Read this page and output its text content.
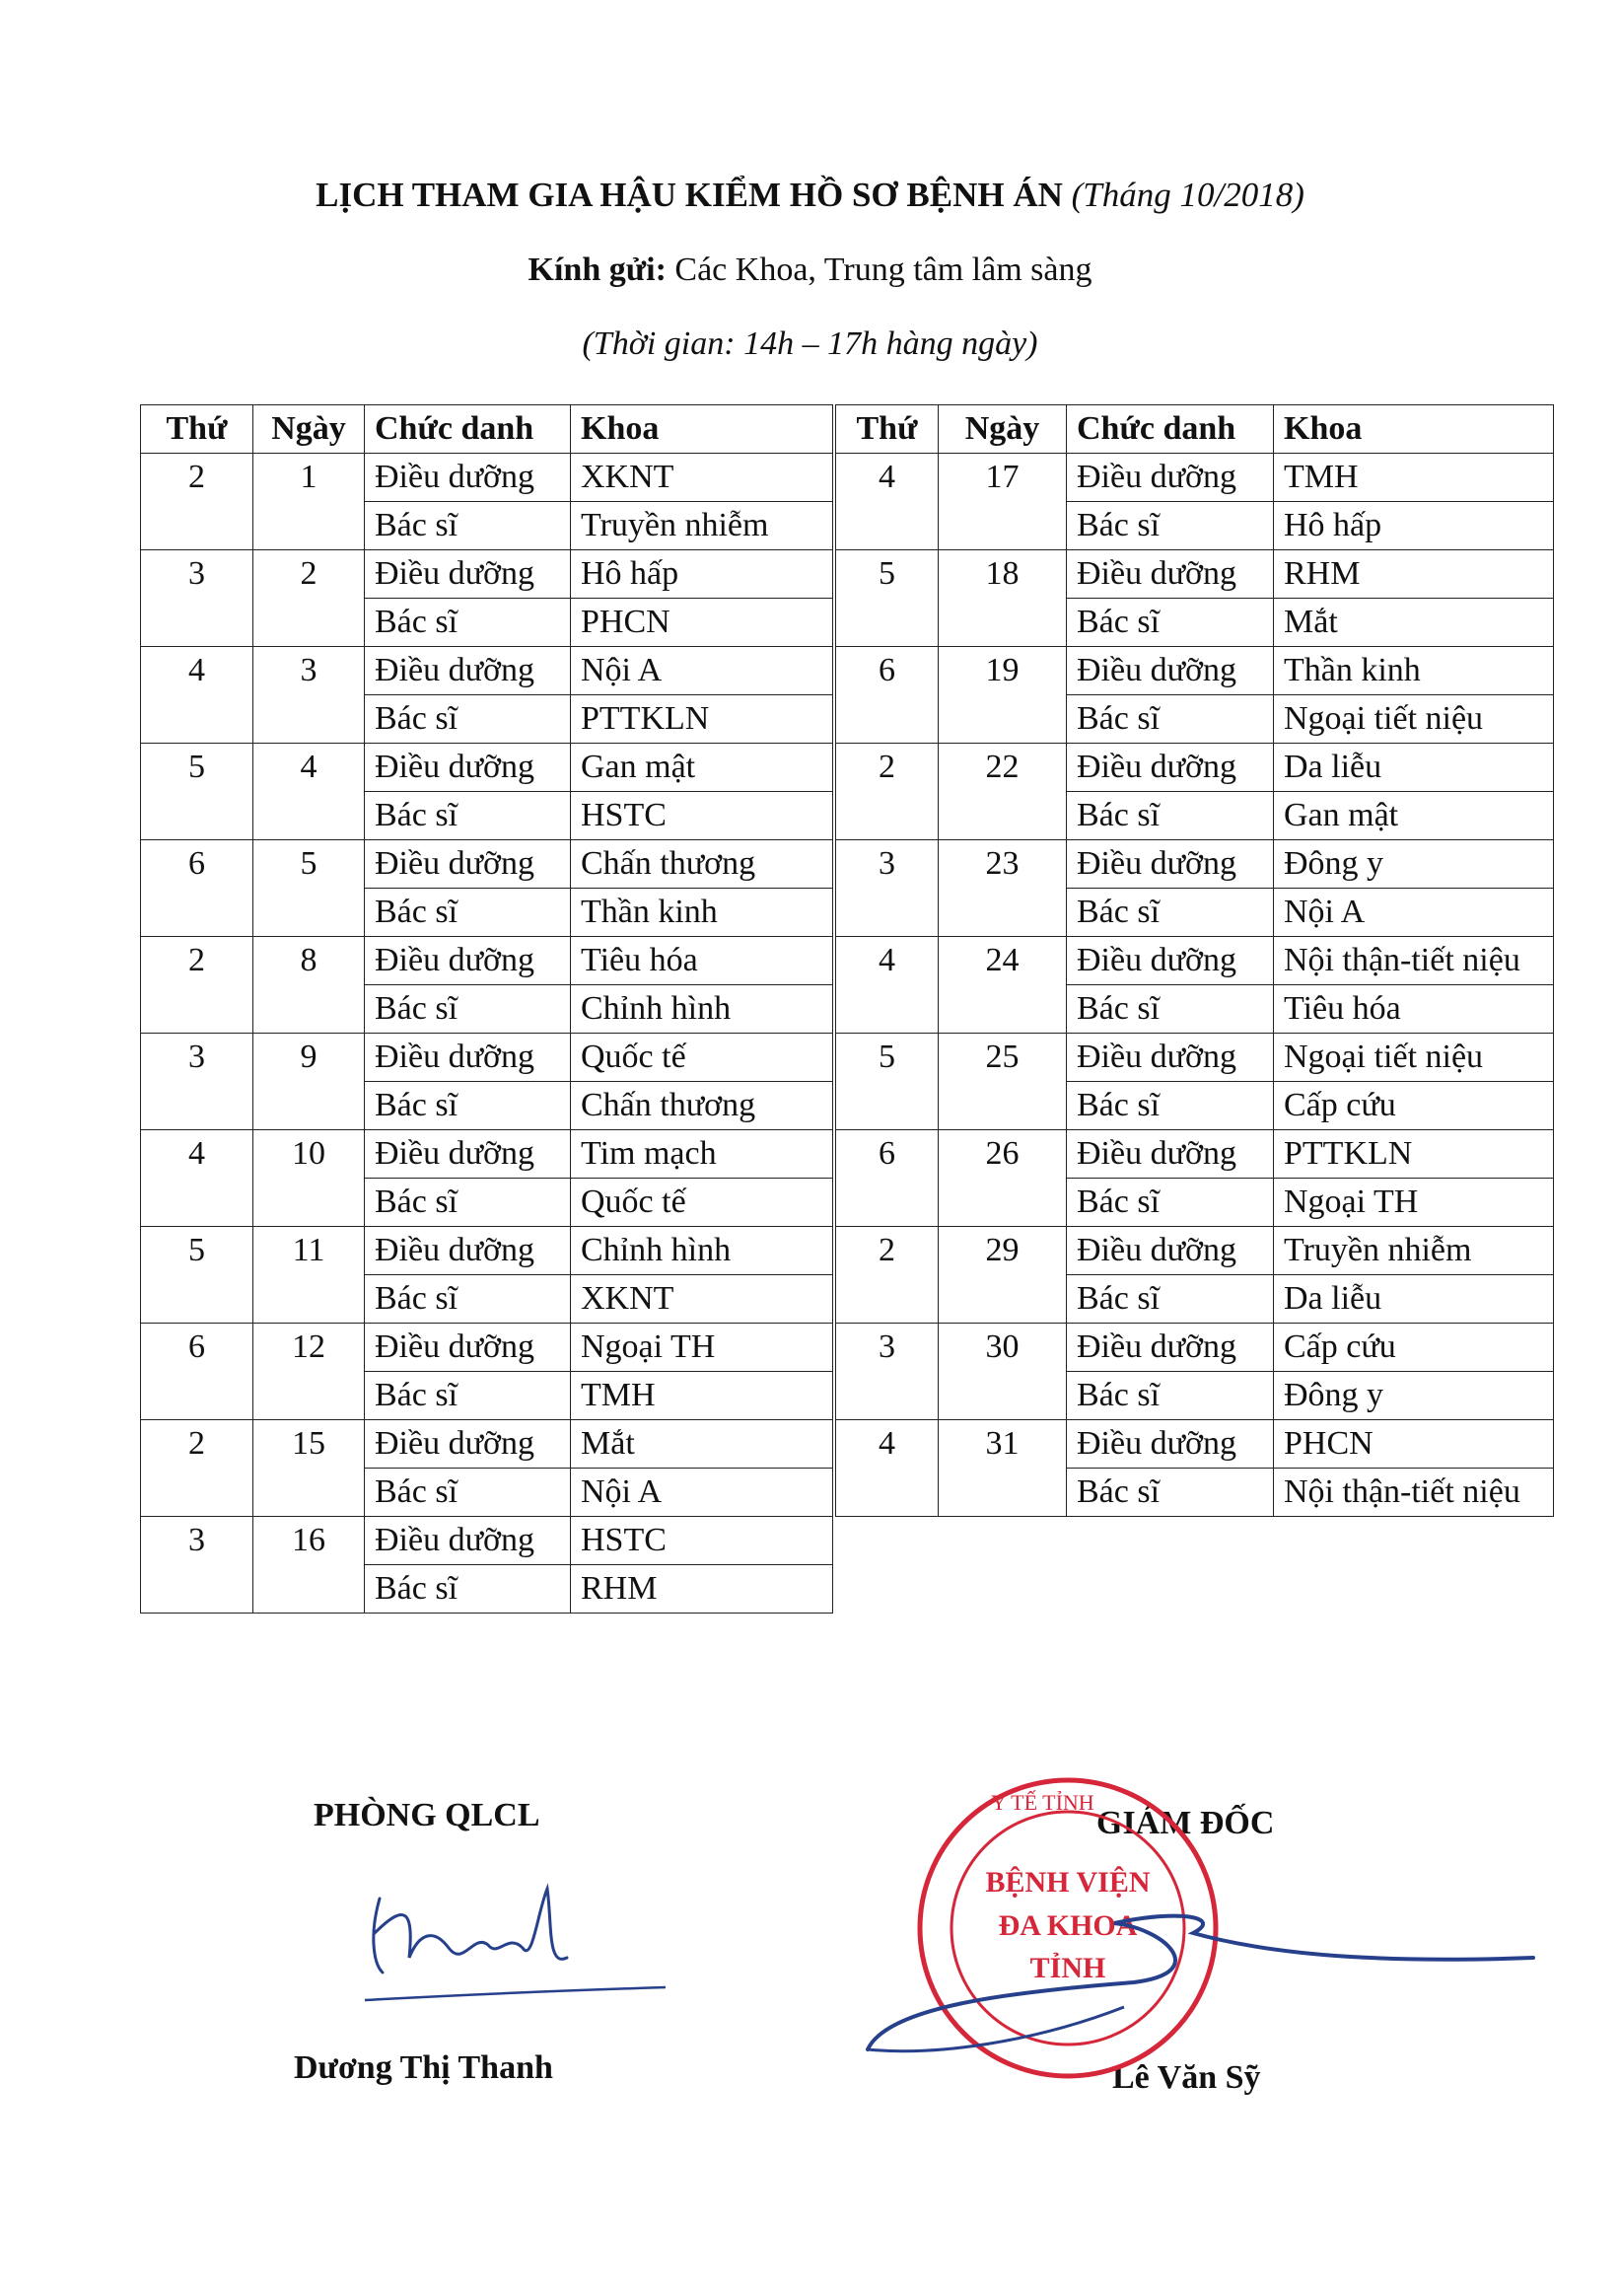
LỊCH THAM GIA HẬU KIỂM HỒ SƠ BỆNH ÁN (Tháng 10/2018)
Kính gửi: Các Khoa, Trung tâm lâm sàng
(Thời gian: 14h – 17h hàng ngày)
Thứ	Ngày	Chức danh	Khoa
2	1	Điều dưỡng	XKNT
		Bác sĩ	Truyền nhiễm
3	2	Điều dưỡng	Hô hấp
		Bác sĩ	PHCN
4	3	Điều dưỡng	Nội A
		Bác sĩ	PTTKLN
5	4	Điều dưỡng	Gan mật
		Bác sĩ	HSTC
6	5	Điều dưỡng	Chấn thương
		Bác sĩ	Thần kinh
2	8	Điều dưỡng	Tiêu hóa
		Bác sĩ	Chỉnh hình
3	9	Điều dưỡng	Quốc tế
		Bác sĩ	Chấn thương
4	10	Điều dưỡng	Tim mạch
		Bác sĩ	Quốc tế
5	11	Điều dưỡng	Chỉnh hình
		Bác sĩ	XKNT
6	12	Điều dưỡng	Ngoại TH
		Bác sĩ	TMH
2	15	Điều dưỡng	Mắt
		Bác sĩ	Nội A
3	16	Điều dưỡng	HSTC
		Bác sĩ	RHM
Thứ	Ngày	Chức danh	Khoa
4	17	Điều dưỡng	TMH
		Bác sĩ	Hô hấp
5	18	Điều dưỡng	RHM
		Bác sĩ	Mắt
6	19	Điều dưỡng	Thần kinh
		Bác sĩ	Ngoại tiết niệu
2	22	Điều dưỡng	Da liễu
		Bác sĩ	Gan mật
3	23	Điều dưỡng	Đông y
		Bác sĩ	Nội A
4	24	Điều dưỡng	Nội thận-tiết niệu
		Bác sĩ	Tiêu hóa
5	25	Điều dưỡng	Ngoại tiết niệu
		Bác sĩ	Cấp cứu
6	26	Điều dưỡng	PTTKLN
		Bác sĩ	Ngoại TH
2	29	Điều dưỡng	Truyền nhiễm
		Bác sĩ	Da liễu
3	30	Điều dưỡng	Cấp cứu
		Bác sĩ	Đông y
4	31	Điều dưỡng	PHCN
		Bác sĩ	Nội thận-tiết niệu
PHÒNG QLCL	GIÁM ĐỐC
Dương Thị Thanh	Lê Văn Sỹ
Y TẾ TỈNH
BỆNH VIỆN
ĐA KHOA
TỈNH
